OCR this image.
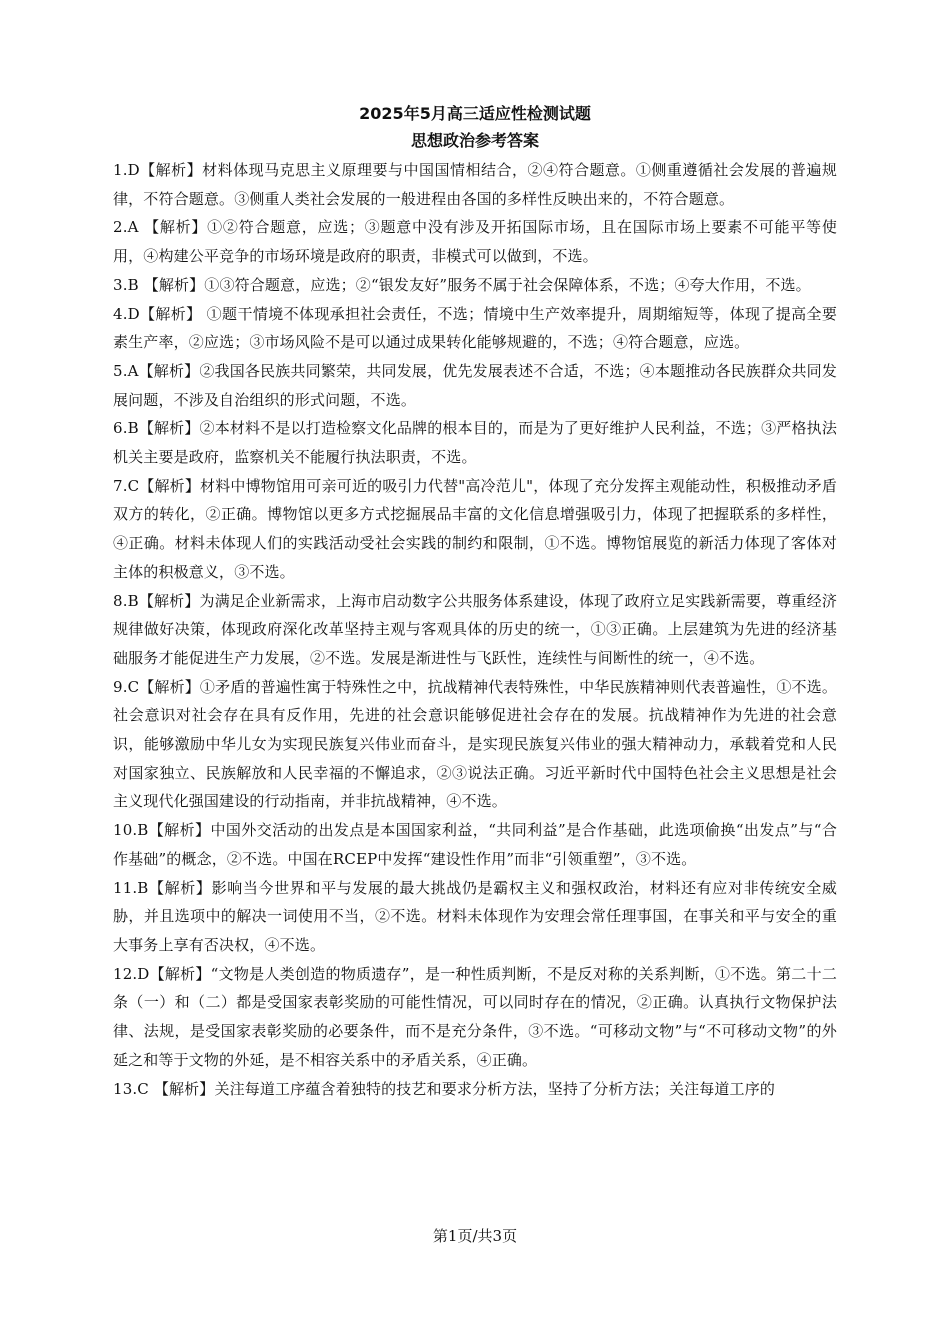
2025年5月高三适应性检测试题

思想政治参考答案

1.D【解析】材料体现马克思主义原理要与中国国情相结合，②④符合题意。①侧重遵循社会发展的普遍规律，不符合题意。③侧重人类社会发展的一般进程由各国的多样性反映出来的，不符合题意。

2.A 【解析】①②符合题意，应选；③题意中没有涉及开拓国际市场，且在国际市场上要素不可能平等使用，④构建公平竞争的市场环境是政府的职责，非模式可以做到，不选。

3.B 【解析】①③符合题意，应选；②“银发友好”服务不属于社会保障体系，不选；④夸大作用，不选。

4.D【解析】 ①题干情境不体现承担社会责任，不选；情境中生产效率提升，周期缩短等，体现了提高全要素生产率，②应选；③市场风险不是可以通过成果转化能够规避的，不选；④符合题意，应选。

5.A【解析】②我国各民族共同繁荣，共同发展，优先发展表述不合适，不选；④本题推动各民族群众共同发展问题，不涉及自治组织的形式问题，不选。

6.B【解析】②本材料不是以打造检察文化品牌的根本目的，而是为了更好维护人民利益，不选；③严格执法机关主要是政府，监察机关不能履行执法职责，不选。

7.C【解析】材料中博物馆用可亲可近的吸引力代替"高冷范儿"，体现了充分发挥主观能动性，积极推动矛盾双方的转化，②正确。博物馆以更多方式挖掘展品丰富的文化信息增强吸引力，体现了把握联系的多样性，④正确。材料未体现人们的实践活动受社会实践的制约和限制，①不选。博物馆展览的新活力体现了客体对主体的积极意义，③不选。

8.B【解析】为满足企业新需求，上海市启动数字公共服务体系建设，体现了政府立足实践新需要，尊重经济规律做好决策，体现政府深化改革坚持主观与客观具体的历史的统一，①③正确。上层建筑为先进的经济基础服务才能促进生产力发展，②不选。发展是渐进性与飞跃性，连续性与间断性的统一，④不选。

9.C【解析】①矛盾的普遍性寓于特殊性之中，抗战精神代表特殊性，中华民族精神则代表普遍性，①不选。社会意识对社会存在具有反作用，先进的社会意识能够促进社会存在的发展。抗战精神作为先进的社会意识，能够激励中华儿女为实现民族复兴伟业而奋斗，是实现民族复兴伟业的强大精神动力，承载着党和人民对国家独立、民族解放和人民幸福的不懈追求，②③说法正确。习近平新时代中国特色社会主义思想是社会主义现代化强国建设的行动指南，并非抗战精神，④不选。

10.B【解析】中国外交活动的出发点是本国国家利益，“共同利益”是合作基础，此选项偷换“出发点”与“合作基础”的概念，②不选。中国在RCEP中发挥“建设性作用”而非“引领重塑”，③不选。

11.B【解析】影响当今世界和平与发展的最大挑战仍是霸权主义和强权政治，材料还有应对非传统安全威胁，并且选项中的解决一词使用不当，②不选。材料未体现作为安理会常任理事国，在事关和平与安全的重大事务上享有否决权，④不选。

12.D【解析】“文物是人类创造的物质遗存”，是一种性质判断，不是反对称的关系判断，①不选。第二十二条（一）和（二）都是受国家表彰奖励的可能性情况，可以同时存在的情况，②正确。认真执行文物保护法律、法规，是受国家表彰奖励的必要条件，而不是充分条件，③不选。“可移动文物”与“不可移动文物”的外延之和等于文物的外延，是不相容关系中的矛盾关系，④正确。

13.C 【解析】关注每道工序蕴含着独特的技艺和要求分析方法，坚持了分析方法；关注每道工序的

第1页/共3页
